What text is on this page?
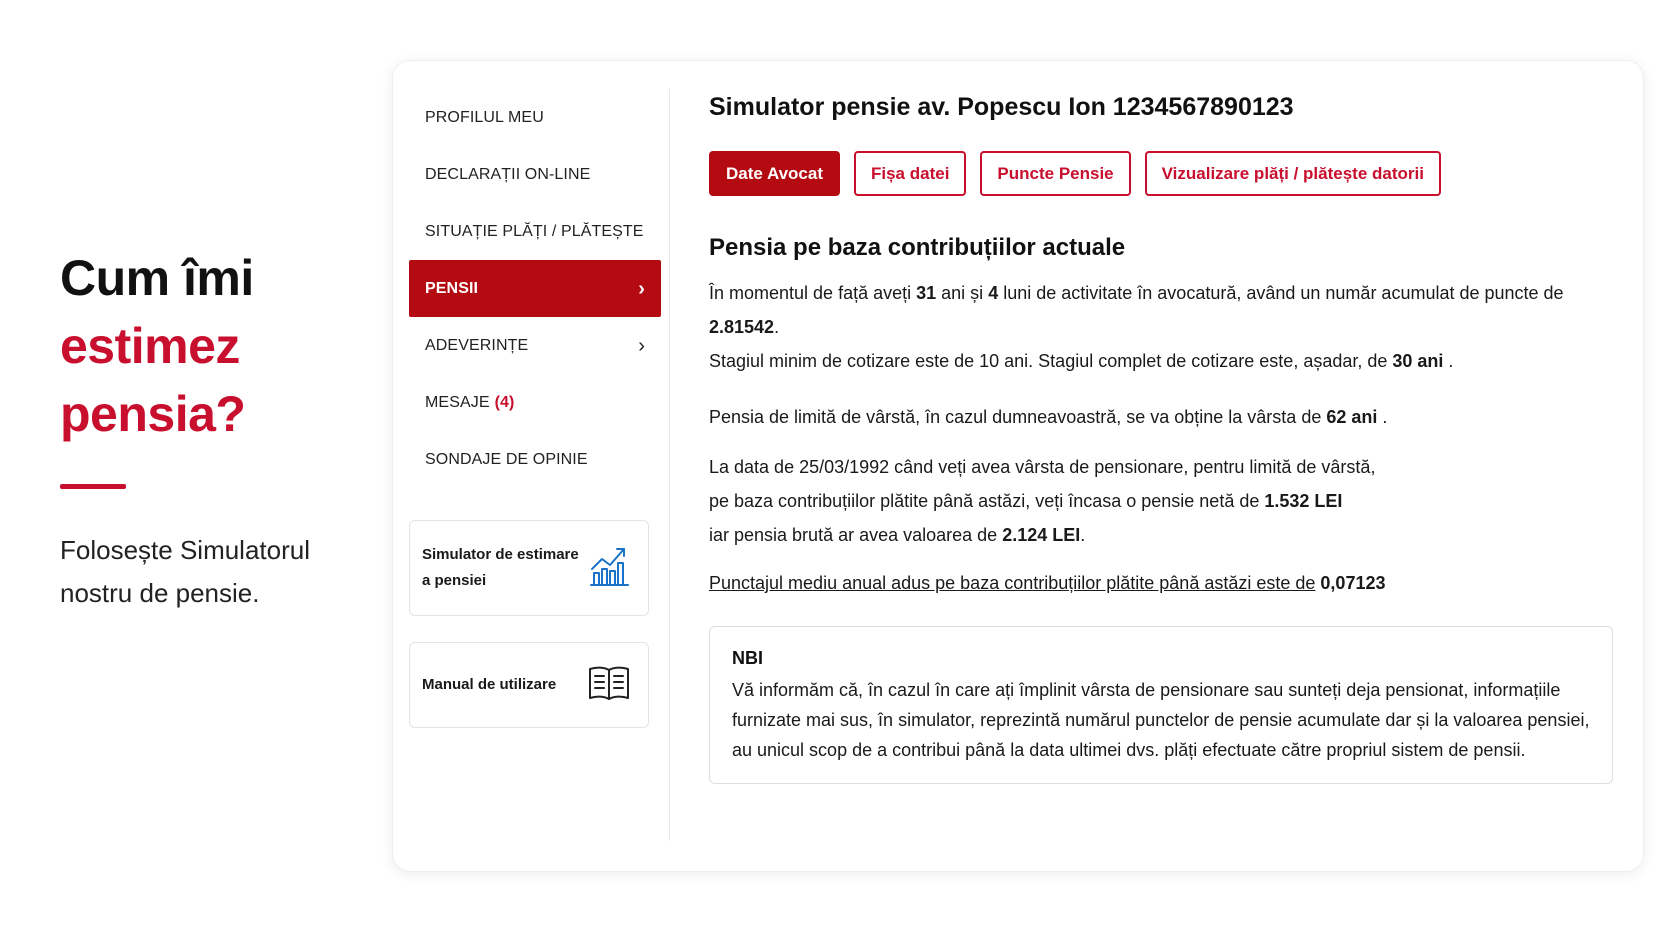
Cum îmi
estimez
pensia?

Folosește Simulatorul nostru de pensie.

PROFILUL MEU
DECLARAȚII ON-LINE
SITUAȚIE PLĂȚI / PLĂTEȘTE
PENSII	›
ADEVERINȚE	›
MESAJE (4)
SONDAJE DE OPINIE
Simulator de estimare a pensiei
Manual de utilizare
Simulator pensie av. Popescu Ion 1234567890123
Date Avocat	Fișa datei	Puncte Pensie	Vizualizare plăți / plătește datorii
Pensia pe baza contribuțiilor actuale

În momentul de față aveți 31 ani și 4 luni de activitate în avocatură, având un număr acumulat de puncte de 2.81542.
Stagiul minim de cotizare este de 10 ani. Stagiul complet de cotizare este, așadar, de 30 ani .

Pensia de limită de vârstă, în cazul dumneavoastră, se va obține la vârsta de 62 ani .

La data de 25/03/1992 când veți avea vârsta de pensionare, pentru limită de vârstă,
pe baza contribuțiilor plătite până astăzi, veți încasa o pensie netă de 1.532 LEI
iar pensia brută ar avea valoarea de 2.124 LEI.

Punctajul mediu anual adus pe baza contribuțiilor plătite până astăzi este de 0,07123

NBI
Vă informăm că, în cazul în care ați împlinit vârsta de pensionare sau sunteți deja pensionat, informațiile furnizate mai sus, în simulator, reprezintă numărul punctelor de pensie acumulate dar și la valoarea pensiei, au unicul scop de a contribui până la data ultimei dvs. plăți efectuate către propriul sistem de pensii.
